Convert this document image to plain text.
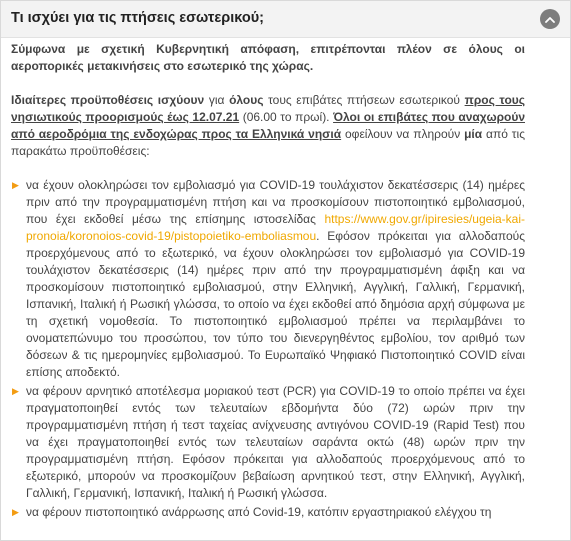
Τι ισχύει για τις πτήσεις εσωτερικού;

Σύμφωνα με σχετική Κυβερνητική απόφαση, επιτρέπονται πλέον σε όλους οι αεροπορικές μετακινήσεις στο εσωτερικό της χώρας.

Ιδιαίτερες προϋποθέσεις ισχύουν για όλους τους επιβάτες πτήσεων εσωτερικού προς τους νησιωτικούς προορισμούς έως 12.07.21 (06.00 το πρωί). Όλοι οι επιβάτες που αναχωρούν από αεροδρόμια της ενδοχώρας προς τα Ελληνικά νησιά οφείλουν να πληρούν μία από τις παρακάτω προϋποθέσεις:

▶ να έχουν ολοκληρώσει τον εμβολιασμό για COVID-19 τουλάχιστον δεκατέσσερις (14) ημέρες πριν από την προγραμματισμένη πτήση και να προσκομίσουν πιστοποιητικό εμβολιασμού, που έχει εκδοθεί μέσω της επίσημης ιστοσελίδας https://www.gov.gr/ipiresies/ugeia-kai-pronoia/koronoios-covid-19/pistopoietiko-emboliasmou. Εφόσον πρόκειται για αλλοδαπούς προερχόμενους από το εξωτερικό, να έχουν ολοκληρώσει τον εμβολιασμό για COVID-19 τουλάχιστον δεκατέσσερις (14) ημέρες πριν από την προγραμματισμένη άφιξη και να προσκομίσουν πιστοποιητικό εμβολιασμού, στην Ελληνική, Αγγλική, Γαλλική, Γερμανική, Ισπανική, Ιταλική ή Ρωσική γλώσσα, το οποίο να έχει εκδοθεί από δημόσια αρχή σύμφωνα με τη σχετική νομοθεσία. Το πιστοποιητικό εμβολιασμού πρέπει να περιλαμβάνει το ονοματεπώνυμο του προσώπου, τον τύπο του διενεργηθέντος εμβολίου, τον αριθμό των δόσεων & τις ημερομηνίες εμβολιασμού. Το Ευρωπαϊκό Ψηφιακό Πιστοποιητικό COVID είναι επίσης αποδεκτό.
▶ να φέρουν αρνητικό αποτέλεσμα μοριακού τεστ (PCR) για COVID-19 το οποίο πρέπει να έχει πραγματοποιηθεί εντός των τελευταίων εβδομήντα δύο (72) ωρών πριν την προγραμματισμένη πτήση ή τεστ ταχείας ανίχνευσης αντιγόνου COVID-19 (Rapid Test) που να έχει πραγματοποιηθεί εντός των τελευταίων σαράντα οκτώ (48) ωρών πριν την προγραμματισμένη πτήση. Εφόσον πρόκειται για αλλοδαπούς προερχόμενους από το εξωτερικό, μπορούν να προσκομίζουν βεβαίωση αρνητικού τεστ, στην Ελληνική, Αγγλική, Γαλλική, Γερμανική, Ισπανική, Ιταλική ή Ρωσική γλώσσα.
▶ να φέρουν πιστοποιητικό ανάρρωσης από Covid-19, κατόπιν εργαστηριακού ελέγχου τη
